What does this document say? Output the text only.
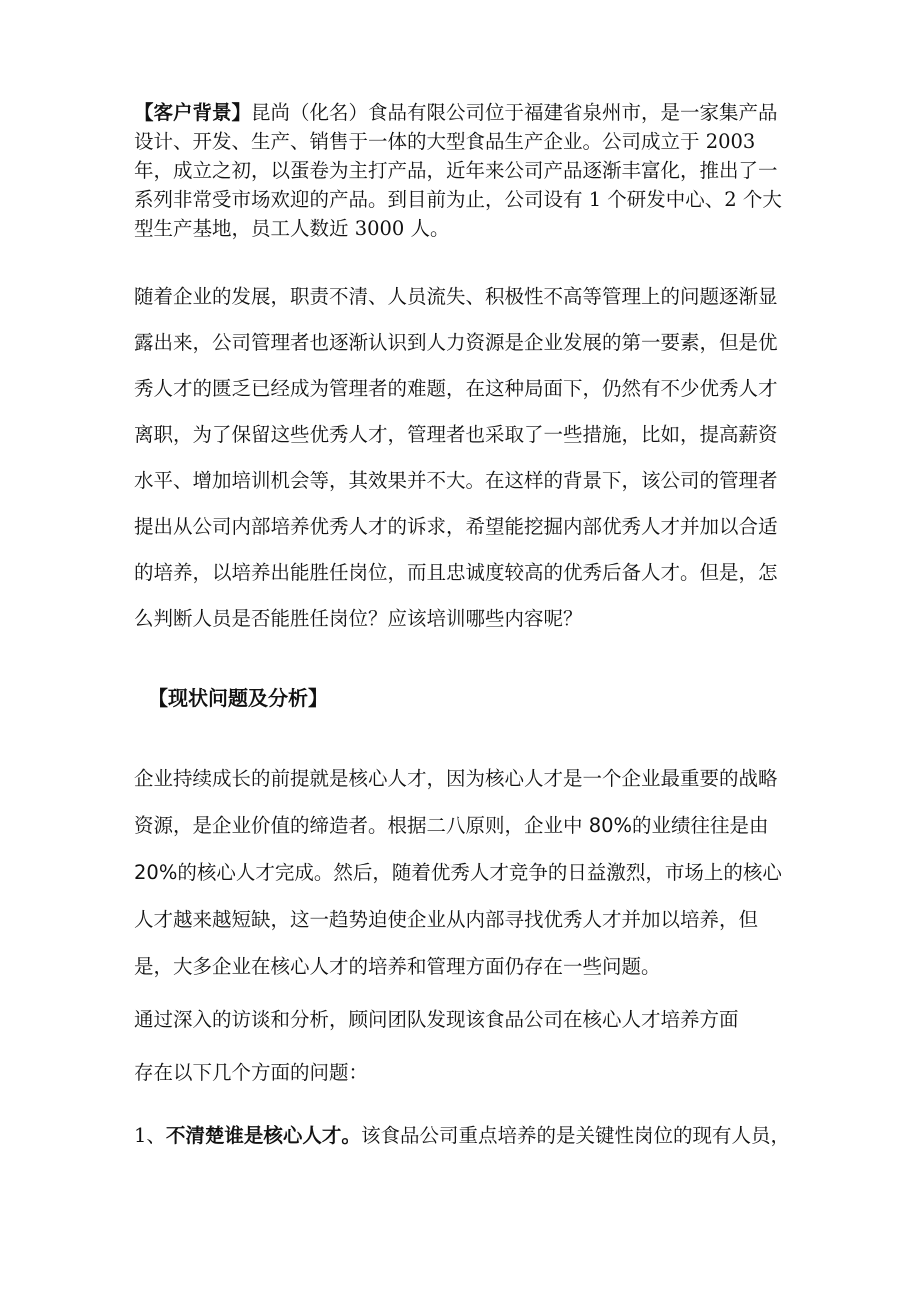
【客户背景】昆尚（化名）食品有限公司位于福建省泉州市，是一家集产品设计、开发、生产、销售于一体的大型食品生产企业。公司成立于 2003 年，成立之初，以蛋卷为主打产品，近年来公司产品逐渐丰富化，推出了一系列非常受市场欢迎的产品。到目前为止，公司设有 1 个研发中心、2 个大型生产基地，员工人数近 3000 人。

随着企业的发展，职责不清、人员流失、积极性不高等管理上的问题逐渐显露出来，公司管理者也逐渐认识到人力资源是企业发展的第一要素，但是优秀人才的匮乏已经成为管理者的难题，在这种局面下，仍然有不少优秀人才离职，为了保留这些优秀人才，管理者也采取了一些措施，比如，提高薪资水平、增加培训机会等，其效果并不大。在这样的背景下，该公司的管理者提出从公司内部培养优秀人才的诉求，希望能挖掘内部优秀人才并加以合适的培养，以培养出能胜任岗位，而且忠诚度较高的优秀后备人才。但是，怎么判断人员是否能胜任岗位？应该培训哪些内容呢？

【现状问题及分析】

企业持续成长的前提就是核心人才，因为核心人才是一个企业最重要的战略资源，是企业价值的缔造者。根据二八原则，企业中 80%的业绩往往是由 20%的核心人才完成。然后，随着优秀人才竞争的日益激烈，市场上的核心人才越来越短缺，这一趋势迫使企业从内部寻找优秀人才并加以培养，但是，大多企业在核心人才的培养和管理方面仍存在一些问题。

通过深入的访谈和分析，顾问团队发现该食品公司在核心人才培养方面

存在以下几个方面的问题：

1、不清楚谁是核心人才。该食品公司重点培养的是关键性岗位的现有人员，
